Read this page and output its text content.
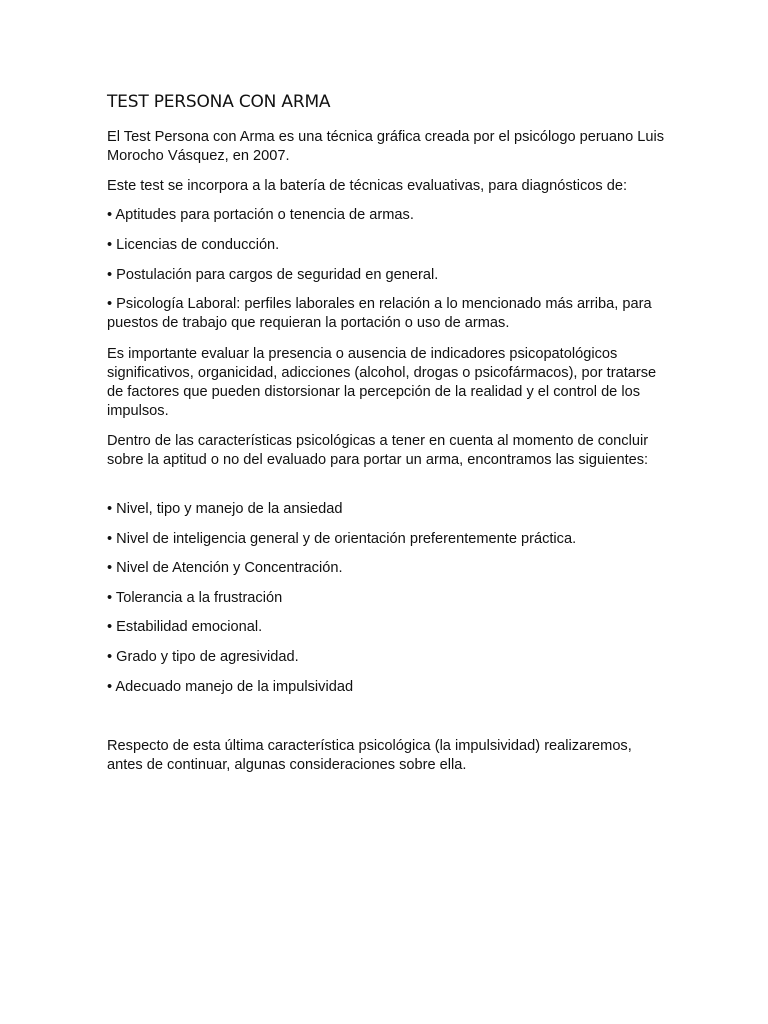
TEST PERSONA CON ARMA

El Test Persona con Arma es una técnica gráfica creada por el psicólogo peruano Luis Morocho Vásquez, en 2007.

Este test se incorpora a la batería de técnicas evaluativas, para diagnósticos de:

• Aptitudes para portación o tenencia de armas.

• Licencias de conducción.

• Postulación para cargos de seguridad en general.

• Psicología Laboral: perfiles laborales en relación a lo mencionado más arriba, para puestos de trabajo que requieran la portación o uso de armas.

Es importante evaluar la presencia o ausencia de indicadores psicopatológicos significativos, organicidad, adicciones (alcohol, drogas o psicofármacos), por tratarse de factores que pueden distorsionar la percepción de la realidad y el control de los impulsos.

Dentro de las características psicológicas a tener en cuenta al momento de concluir sobre la aptitud o no del evaluado para portar un arma, encontramos las siguientes:

• Nivel, tipo y manejo de la ansiedad

• Nivel de inteligencia general y de orientación preferentemente práctica.

• Nivel de Atención y Concentración.

• Tolerancia a la frustración

• Estabilidad emocional.

• Grado y tipo de agresividad.

• Adecuado manejo de la impulsividad

Respecto de esta última característica psicológica (la impulsividad) realizaremos, antes de continuar, algunas consideraciones sobre ella.
